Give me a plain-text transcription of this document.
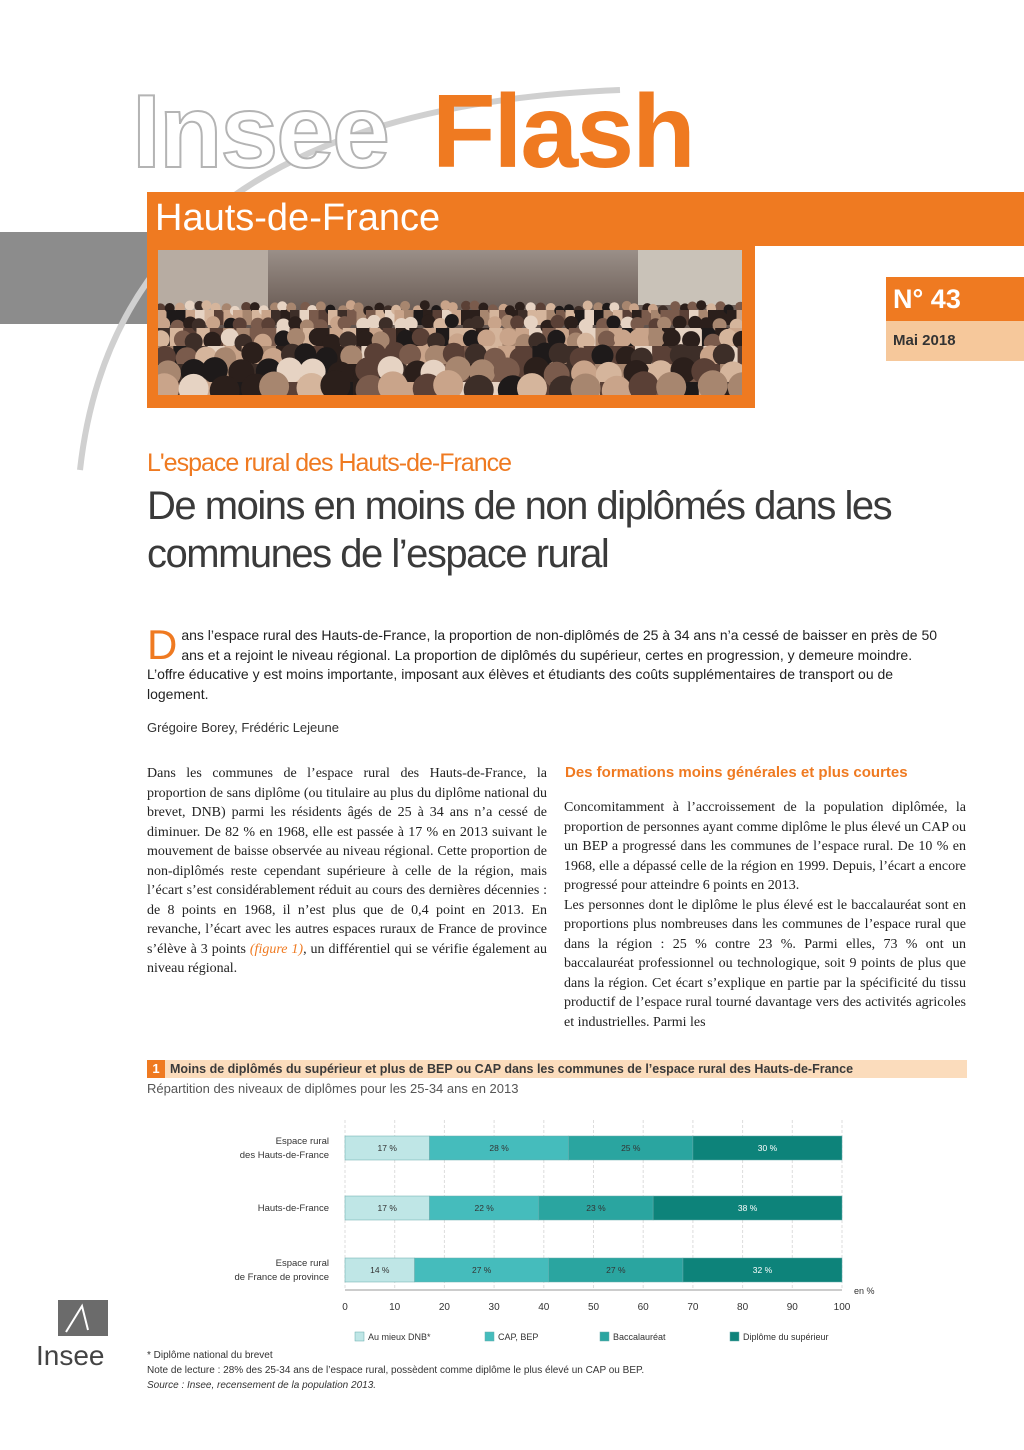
Insee Flash
Hauts-de-France
N° 43
Mai 2018
L'espace rural des Hauts-de-France
De moins en moins de non diplômés dans les communes de l’espace rural
Dans l’espace rural des Hauts-de-France, la proportion de non-diplômés de 25 à 34 ans n’a cessé de baisser en près de 50 ans et a rejoint le niveau régional. La proportion de diplômés du supérieur, certes en progression, y demeure moindre. L’offre éducative y est moins importante, imposant aux élèves et étudiants des coûts supplémentaires de transport ou de logement.
Grégoire Borey, Frédéric Lejeune
Dans les communes de l’espace rural des Hauts-de-France, la proportion de sans diplôme (ou titulaire au plus du diplôme national du brevet, DNB) parmi les résidents âgés de 25 à 34 ans n’a cessé de diminuer. De 82 % en 1968, elle est passée à 17 % en 2013 suivant le mouvement de baisse observée au niveau régional. Cette proportion de non-diplômés reste cependant supérieure à celle de la région, mais l’écart s’est considérablement réduit au cours des dernières décennies : de 8 points en 1968, il n’est plus que de 0,4 point en 2013. En revanche, l’écart avec les autres espaces ruraux de France de province s’élève à 3 points (figure 1), un différentiel qui se vérifie également au niveau régional.
Des formations moins générales et plus courtes
Concomitamment à l’accroissement de la population diplômée, la proportion de personnes ayant comme diplôme le plus élevé un CAP ou un BEP a progressé dans les communes de l’espace rural. De 10 % en 1968, elle a dépassé celle de la région en 1999. Depuis, l’écart a encore progressé pour atteindre 6 points en 2013.
Les personnes dont le diplôme le plus élevé est le baccalauréat sont en proportions plus nombreuses dans les communes de l’espace rural que dans la région : 25 % contre 23 %. Parmi elles, 73 % ont un baccalauréat professionnel ou technologique, soit 9 points de plus que dans la région. Cet écart s’explique en partie par la spécificité du tissu productif de l’espace rural tourné davantage vers des activités agricoles et industrielles. Parmi les
1 Moins de diplômés du supérieur et plus de BEP ou CAP dans les communes de l’espace rural des Hauts-de-France
Répartition des niveaux de diplômes pour les 25-34 ans en 2013
0	10	20	30	40	50	60	70	80	90	100
en %
Espace rural
des Hauts-de-France
Hauts-de-France
Espace rural
de France de province
17 %	28 %	25 %	30 %
17 %	22 %	23 %	38 %
14 %	27 %	27 %	32 %
Au mieux DNB*	CAP, BEP	Baccalauréat	Diplôme du supérieur
* Diplôme national du brevet
Note de lecture : 28% des 25-34 ans de l’espace rural, possèdent comme diplôme le plus élevé un CAP ou BEP.
Source : Insee, recensement de la population 2013.
Insee
